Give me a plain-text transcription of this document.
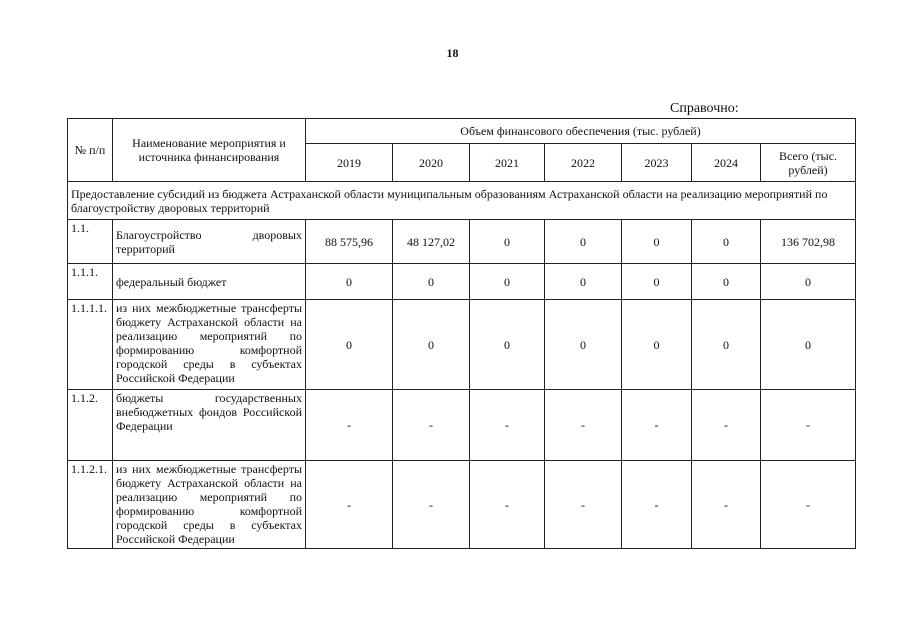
18
Справочно:
№ п/п	Наименование мероприятия и источника финансирования	Объем финансового обеспечения (тыс. рублей)						
		2019	2020	2021	2022	2023	2024	Всего (тыс. рублей)
Предоставление субсидий из бюджета Астраханской области муниципальным образованиям Астраханской области на реализацию мероприятий по благоустройству дворовых территорий								
1.1.	Благоустройство дворовых территорий	88 575,96	48 127,02	0	0	0	0	136 702,98
1.1.1.	федеральный бюджет	0	0	0	0	0	0	0
1.1.1.1.	из них межбюджетные трансферты бюджету Астраханской области на реализацию мероприятий по формированию комфортной городской среды в субъектах Российской Федерации	0	0	0	0	0	0	0
1.1.2.	бюджеты государственных внебюджетных фондов Российской Федерации	-	-	-	-	-	-	-
1.1.2.1.	из них межбюджетные трансферты бюджету Астраханской области на реализацию мероприятий по формированию комфортной городской среды в субъектах Российской Федерации	-	-	-	-	-	-	-
